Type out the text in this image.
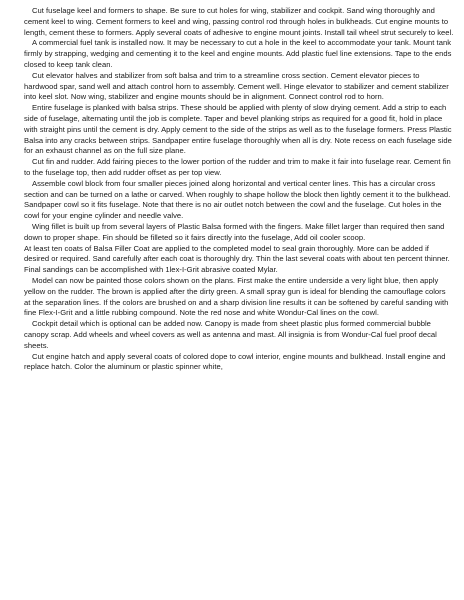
Cut fuselage keel and formers to shape. Be sure to cut holes for wing, stabilizer and cockpit. Sand wing thoroughly and cement keel to wing. Cement formers to keel and wing, passing control rod through holes in bulkheads. Cut engine mounts to length, cement these to formers. Apply several coats of adhesive to engine mount joints. Install tail wheel strut securely to keel.

A commercial fuel tank is installed now. It may be necessary to cut a hole in the keel to accommodate your tank. Mount tank firmly by strapping, wedging and cementing it to the keel and engine mounts. Add plastic fuel line extensions. Tape to the ends closed to keep tank clean.

Cut elevator halves and stabilizer from soft balsa and trim to a streamline cross section. Cement elevator pieces to hardwood spar, sand well and attach control horn to assembly. Cement well. Hinge elevator to stabilizer and cement stabilizer into keel slot. Now wing, stabilizer and engine mounts should be in alignment. Connect control rod to horn.

Entire fuselage is planked with balsa strips. These should be applied with plenty of slow drying cement. Add a strip to each side of fuselage, alternating until the job is complete. Taper and bevel planking strips as required for a good fit, hold in place with straight pins until the cement is dry. Apply cement to the side of the strips as well as to the fuselage formers. Press Plastic Balsa into any cracks between strips. Sandpaper entire fuselage thoroughly when all is dry. Note recess on each fuselage side for an exhaust channel as on the full size plane.

Cut fin and rudder. Add fairing pieces to the lower portion of the rudder and trim to make it fair into fuselage rear. Cement fin to the fuselage top, then add rudder offset as per top view.

Assemble cowl block from four smaller pieces joined along horizontal and vertical center lines. This has a circular cross section and can be turned on a lathe or carved. When roughly to shape hollow the block then lightly cement it to the bulkhead. Sandpaper cowl so it fits fuselage. Note that there is no air outlet notch between the cowl and the fuselage. Cut holes in the cowl for your engine cylinder and needle valve.

Wing fillet is built up from several layers of Plastic Balsa formed with the fingers. Make fillet larger than required then sand down to proper shape. Fin should be filleted so it fairs directly into the fuselage, Add oil cooler scoop.

At least ten coats of Balsa Filler Coat are applied to the completed model to seal grain thoroughly. More can be added if desired or required. Sand carefully after each coat is thoroughly dry. Thin the last several coats with about ten percent thinner. Final sandings can be accomplished with 1lex-I-Grit abrasive coated Mylar.

Model can now be painted those colors shown on the plans. First make the entire underside a very light blue, then apply yellow on the rudder. The brown is applied after the dirty green. A small spray gun is ideal for blending the camouflage colors at the separation lines. If the colors are brushed on and a sharp division line results it can be softened by careful sanding with fine Flex-I-Grit and a little rubbing compound. Note the red nose and white Wondur-Cal lines on the cowl.

Cockpit detail which is optional can be added now. Canopy is made from sheet plastic plus formed commercial bubble canopy scrap. Add wheels and wheel covers as well as antenna and mast. All insignia is from Wondur-Cal fuel proof decal sheets.

Cut engine hatch and apply several coats of colored dope to cowl interior, engine mounts and bulkhead. Install engine and replace hatch. Color the aluminum or plastic spinner white,
